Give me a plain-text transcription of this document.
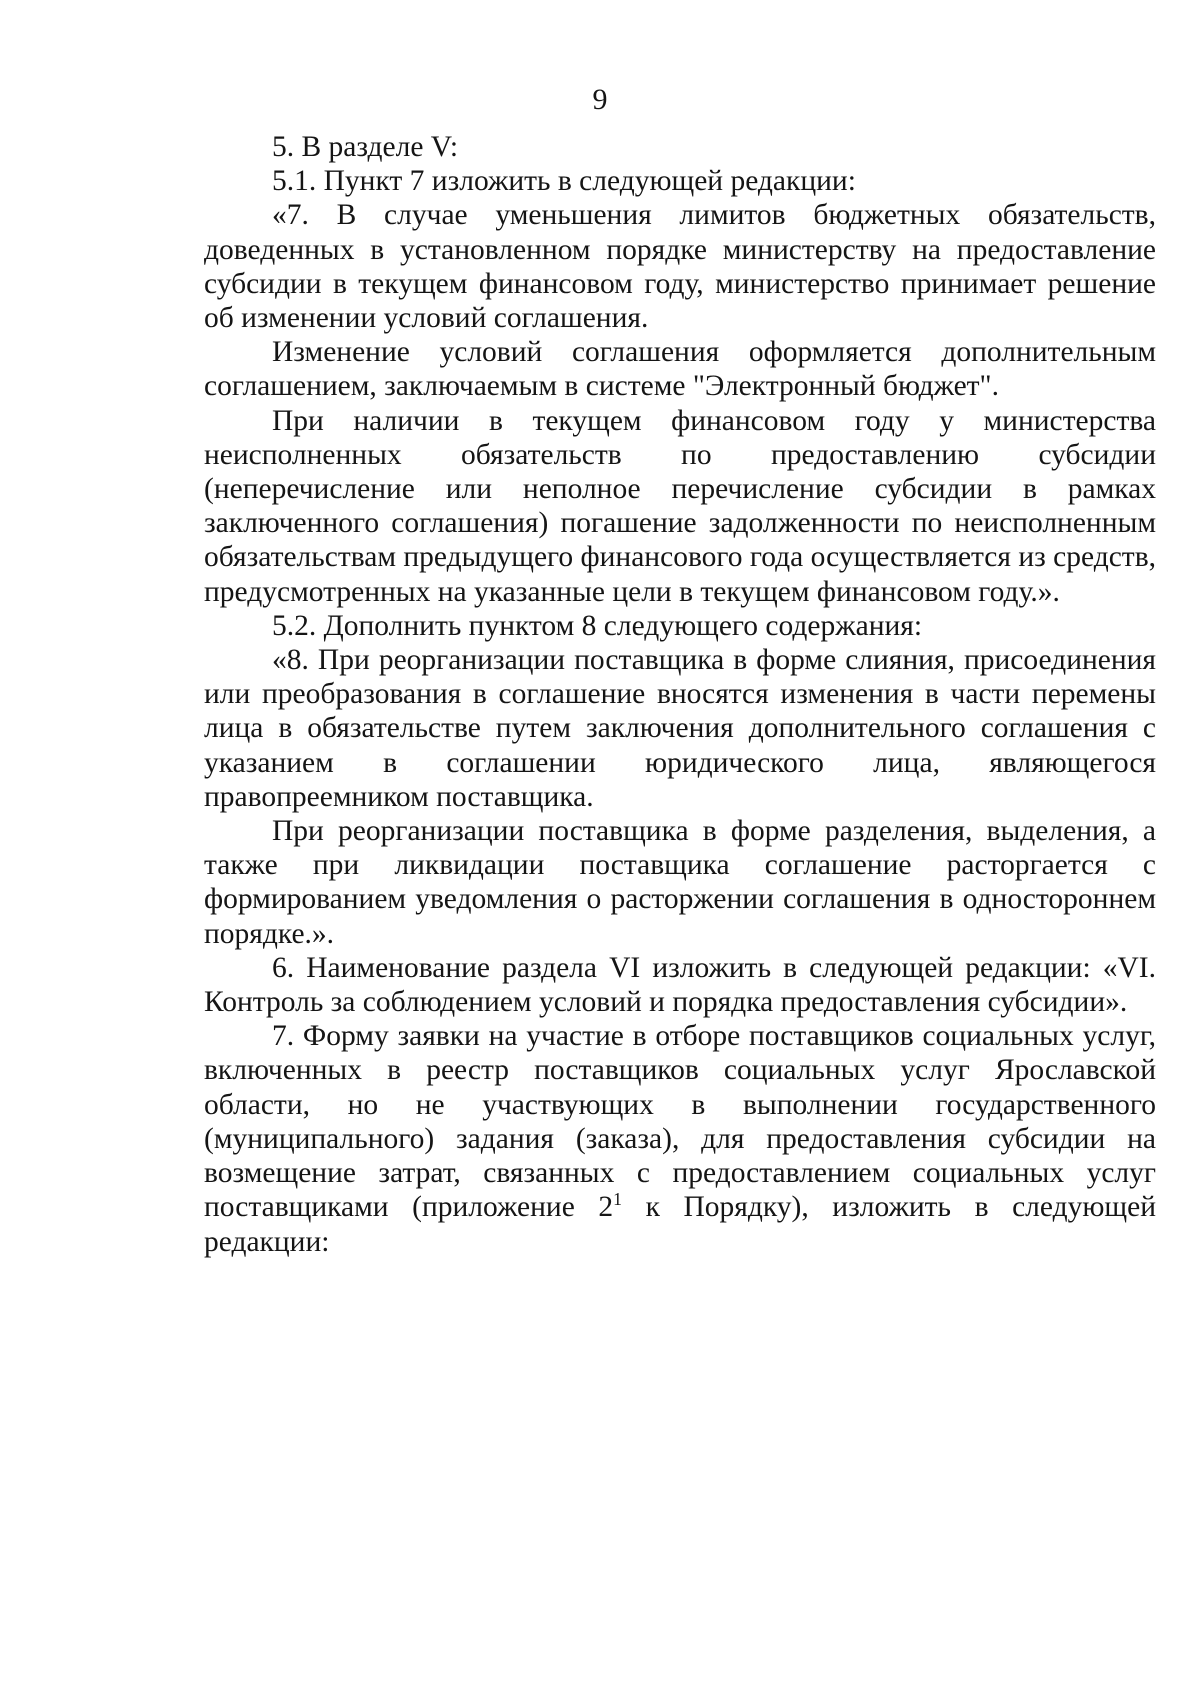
9

5. В разделе V:

5.1. Пункт 7 изложить в следующей редакции:

«7. В случае уменьшения лимитов бюджетных обязательств, доведенных в установленном порядке министерству на предоставление субсидии в текущем финансовом году, министерство принимает решение об изменении условий соглашения.

Изменение условий соглашения оформляется дополнительным соглашением, заключаемым в системе "Электронный бюджет".

При наличии в текущем финансовом году у министерства неисполненных обязательств по предоставлению субсидии (неперечисление или неполное перечисление субсидии в рамках заключенного соглашения) погашение задолженности по неисполненным обязательствам предыдущего финансового года осуществляется из средств, предусмотренных на указанные цели в текущем финансовом году.».

5.2. Дополнить пунктом 8 следующего содержания:

«8. При реорганизации поставщика в форме слияния, присоединения или преобразования в соглашение вносятся изменения в части перемены лица в обязательстве путем заключения дополнительного соглашения с указанием в соглашении юридического лица, являющегося правопреемником поставщика.

При реорганизации поставщика в форме разделения, выделения, а также при ликвидации поставщика соглашение расторгается с формированием уведомления о расторжении соглашения в одностороннем порядке.».

6. Наименование раздела VI изложить в следующей редакции: «VI. Контроль за соблюдением условий и порядка предоставления субсидии».

7. Форму заявки на участие в отборе поставщиков социальных услуг, включенных в реестр поставщиков социальных услуг Ярославской области, но не участвующих в выполнении государственного (муниципального) задания (заказа), для предоставления субсидии на возмещение затрат, связанных с предоставлением социальных услуг поставщиками (приложение $2^1$ к Порядку), изложить в следующей редакции:
